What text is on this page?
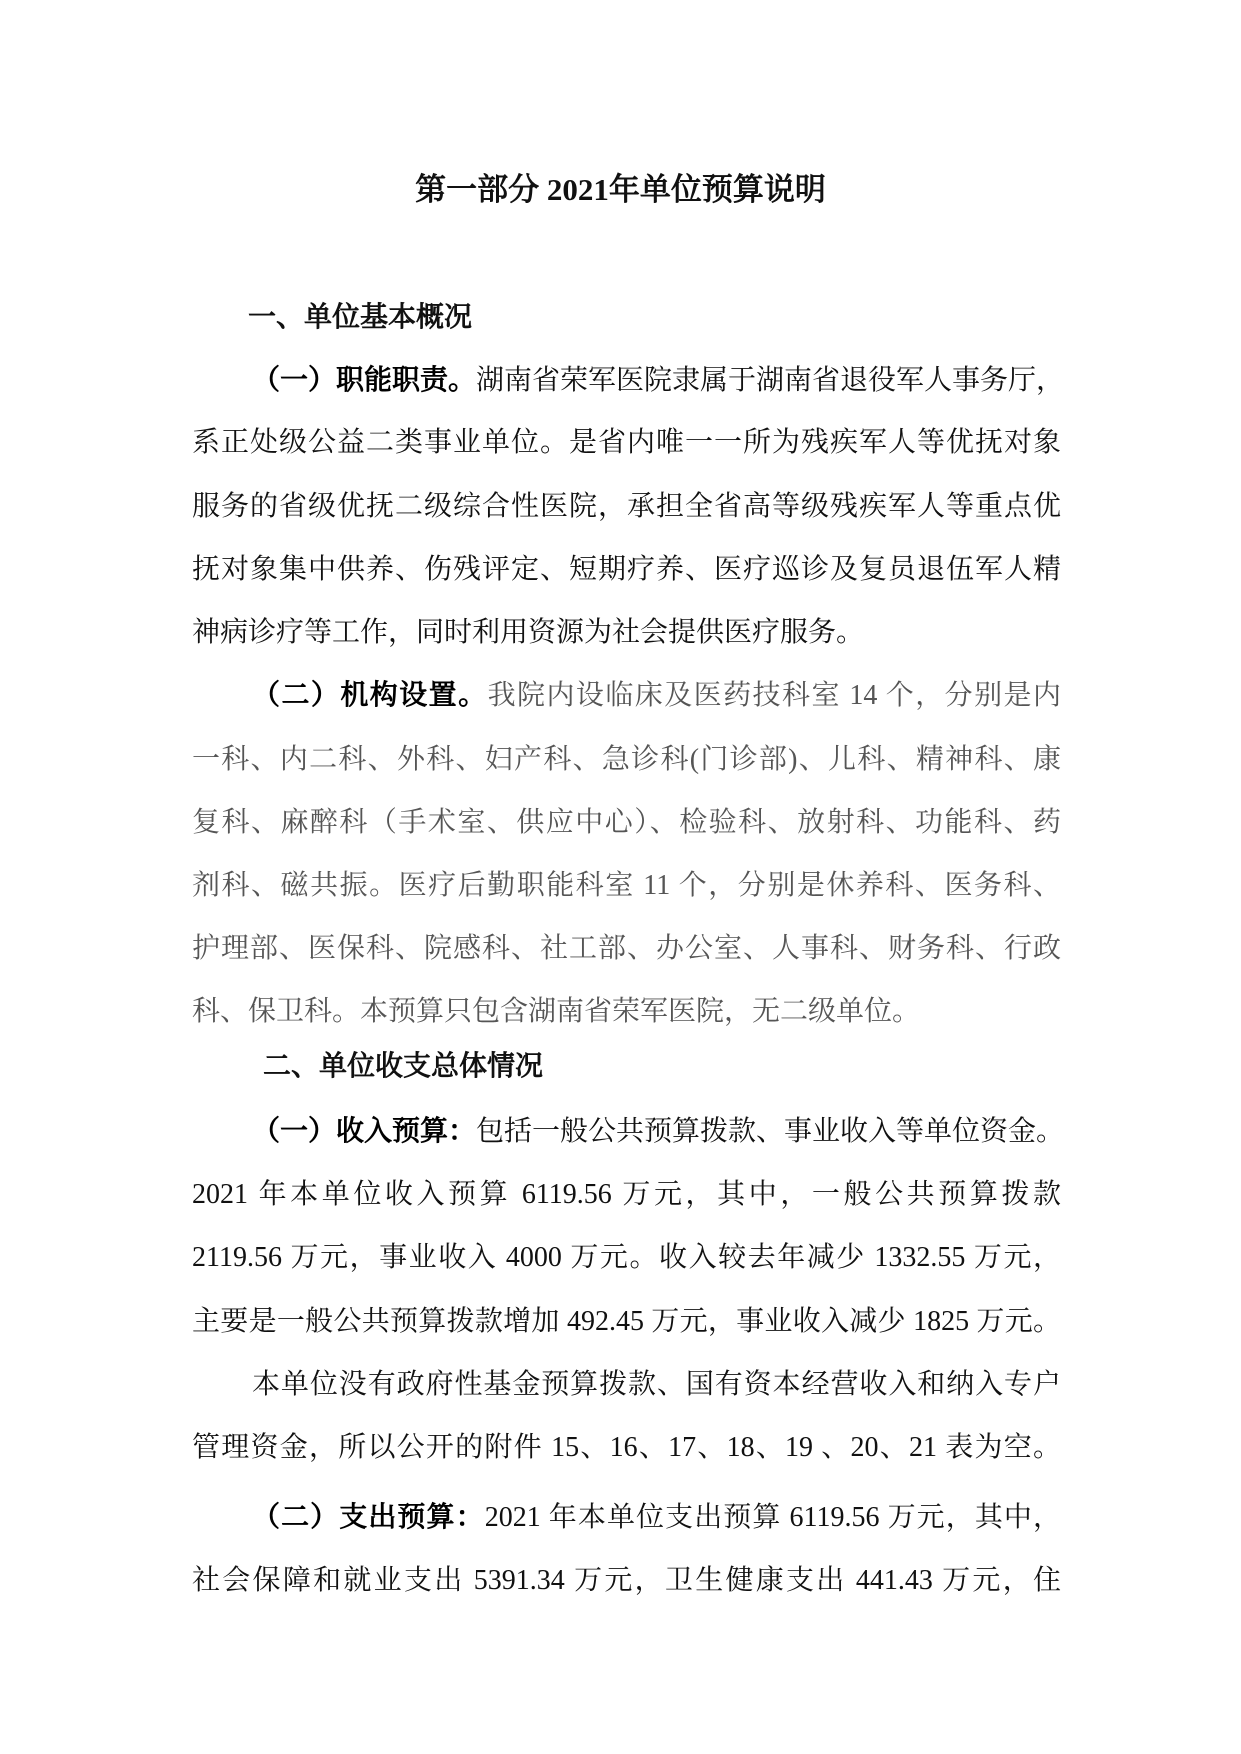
第一部分 2021年单位预算说明
一、单位基本概况
（一）职能职责。湖南省荣军医院隶属于湖南省退役军人事务厅，
系正处级公益二类事业单位。是省内唯一一所为残疾军人等优抚对象
服务的省级优抚二级综合性医院，承担全省高等级残疾军人等重点优
抚对象集中供养、伤残评定、短期疗养、医疗巡诊及复员退伍军人精
神病诊疗等工作，同时利用资源为社会提供医疗服务。
（二）机构设置。我院内设临床及医药技科室 14 个，分别是内
一科、内二科、外科、妇产科、急诊科(门诊部)、儿科、精神科、康
复科、麻醉科（手术室、供应中心）、检验科、放射科、功能科、药
剂科、磁共振。医疗后勤职能科室 11 个，分别是休养科、医务科、
护理部、医保科、院感科、社工部、办公室、人事科、财务科、行政
科、保卫科。本预算只包含湖南省荣军医院，无二级单位。
二、单位收支总体情况
（一）收入预算：包括一般公共预算拨款、事业收入等单位资金。
2021 年本单位收入预算 6119.56 万元，其中，一般公共预算拨款
2119.56 万元，事业收入 4000 万元。收入较去年减少 1332.55 万元，
主要是一般公共预算拨款增加 492.45 万元，事业收入减少 1825 万元。
本单位没有政府性基金预算拨款、国有资本经营收入和纳入专户
管理资金，所以公开的附件 15、16、17、18、19 、20、21 表为空。
（二）支出预算：2021 年本单位支出预算 6119.56 万元，其中，
社会保障和就业支出 5391.34 万元，卫生健康支出 441.43 万元，住
